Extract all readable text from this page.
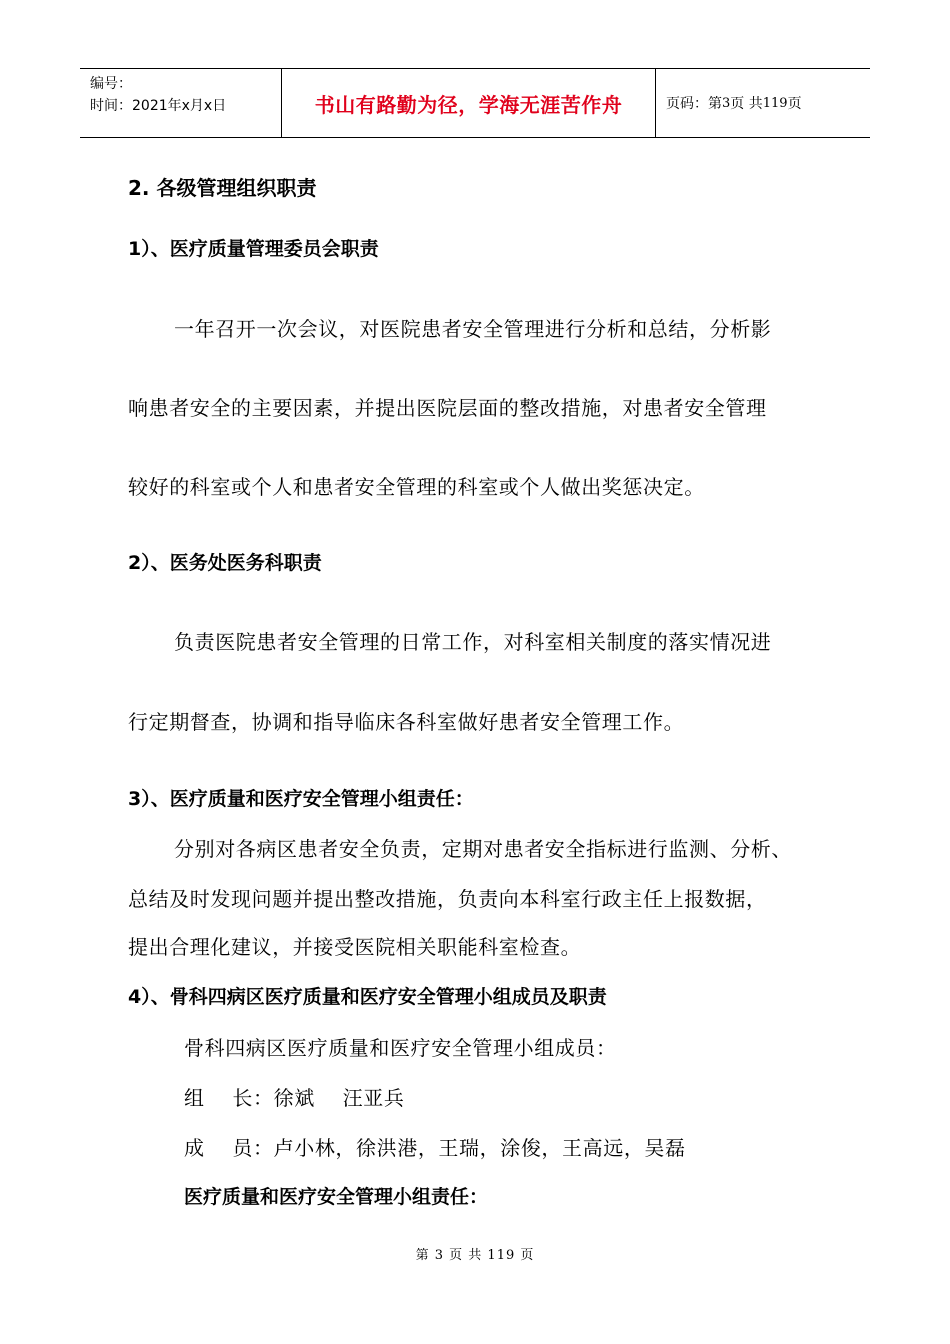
编号：
时间：2021年x月x日	书山有路勤为径，学海无涯苦作舟	页码：第 3 页 共 119 页
2. 各级管理组织职责
1）、医疗质量管理委员会职责
一年召开一次会议，对医院患者安全管理进行分析和总结，分析影
响患者安全的主要因素，并提出医院层面的整改措施，对患者安全管理
较好的科室或个人和患者安全管理的科室或个人做出奖惩决定。
2）、医务处医务科职责
负责医院患者安全管理的日常工作，对科室相关制度的落实情况进
行定期督查，协调和指导临床各科室做好患者安全管理工作。
3）、医疗质量和医疗安全管理小组责任：
分别对各病区患者安全负责，定期对患者安全指标进行监测、分析、
总结及时发现问题并提出整改措施，负责向本科室行政主任上报数据，
提出合理化建议，并接受医院相关职能科室检查。
4）、骨科四病区医疗质量和医疗安全管理小组成员及职责
骨科四病区医疗质量和医疗安全管理小组成员：
组    长：徐斌    汪亚兵
成    员：卢小林，徐洪港，王瑞，涂俊，王高远，吴磊
医疗质量和医疗安全管理小组责任：
第 3 页 共 119 页
